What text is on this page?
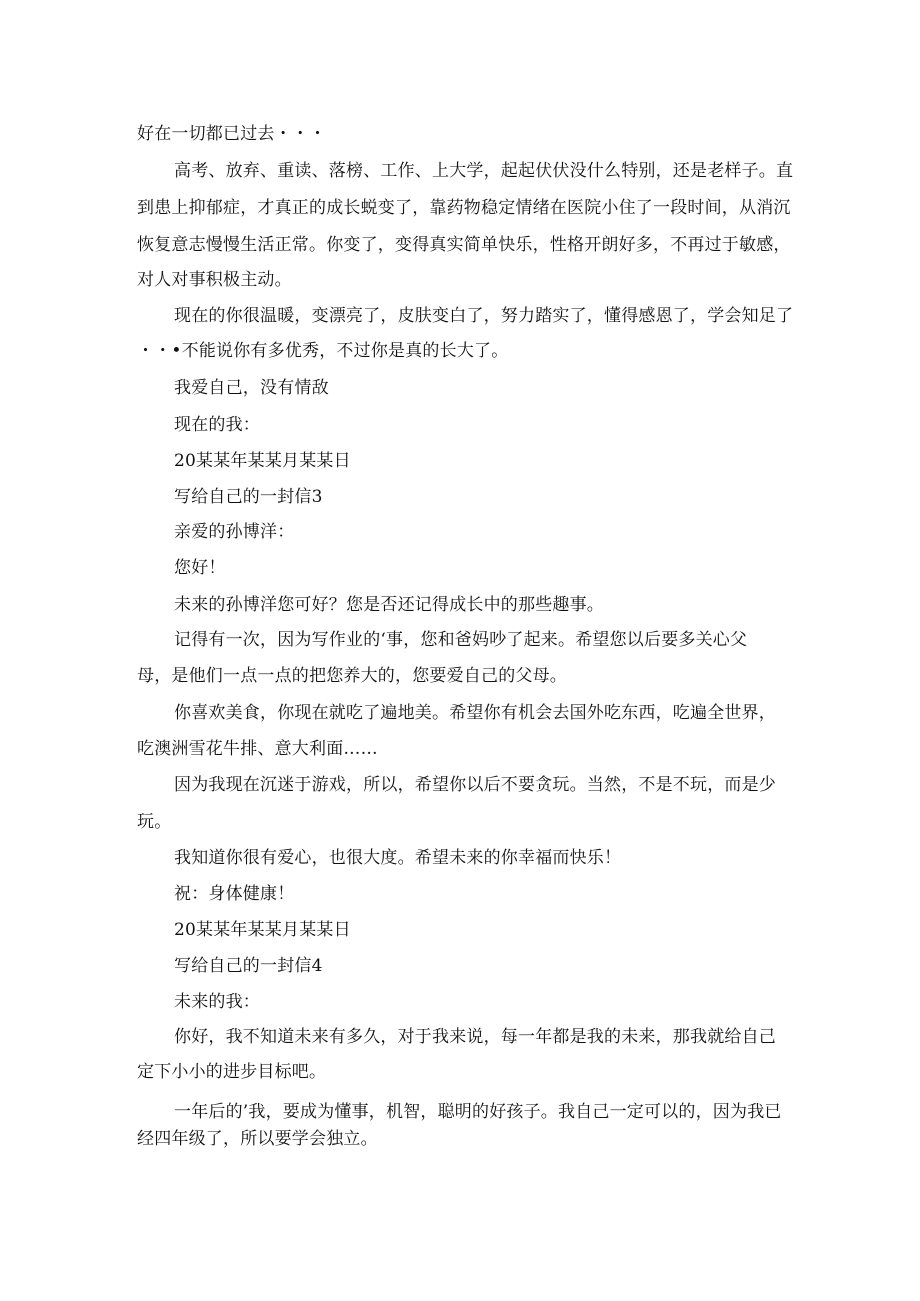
好在一切都已过去・・・
高考、放弃、重读、落榜、工作、上大学，起起伏伏没什么特别，还是老样子。直
到患上抑郁症，才真正的成长蜕变了，靠药物稳定情绪在医院小住了一段时间，从消沉
恢复意志慢慢生活正常。你变了，变得真实简单快乐，性格开朗好多，不再过于敏感，
对人对事积极主动。
现在的你很温暖，变漂亮了，皮肤变白了，努力踏实了，懂得感恩了，学会知足了
・・•不能说你有多优秀，不过你是真的长大了。
我爱自己，没有情敌
现在的我：
20某某年某某月某某日
写给自己的一封信3
亲爱的孙博洋：
您好！
未来的孙博洋您可好？您是否还记得成长中的那些趣事。
记得有一次，因为写作业的‘事，您和爸妈吵了起来。希望您以后要多关心父
母，是他们一点一点的把您养大的，您要爱自己的父母。
你喜欢美食，你现在就吃了遍地美。希望你有机会去国外吃东西，吃遍全世界，
吃澳洲雪花牛排、意大利面……
因为我现在沉迷于游戏，所以，希望你以后不要贪玩。当然，不是不玩，而是少
玩。
我知道你很有爱心，也很大度。希望未来的你幸福而快乐！
祝：身体健康！
20某某年某某月某某日
写给自己的一封信4
未来的我：
你好，我不知道未来有多久，对于我来说，每一年都是我的未来，那我就给自己
定下小小的进步目标吧。
一年后的’我，要成为懂事，机智，聪明的好孩子。我自己一定可以的，因为我已
经四年级了，所以要学会独立。
